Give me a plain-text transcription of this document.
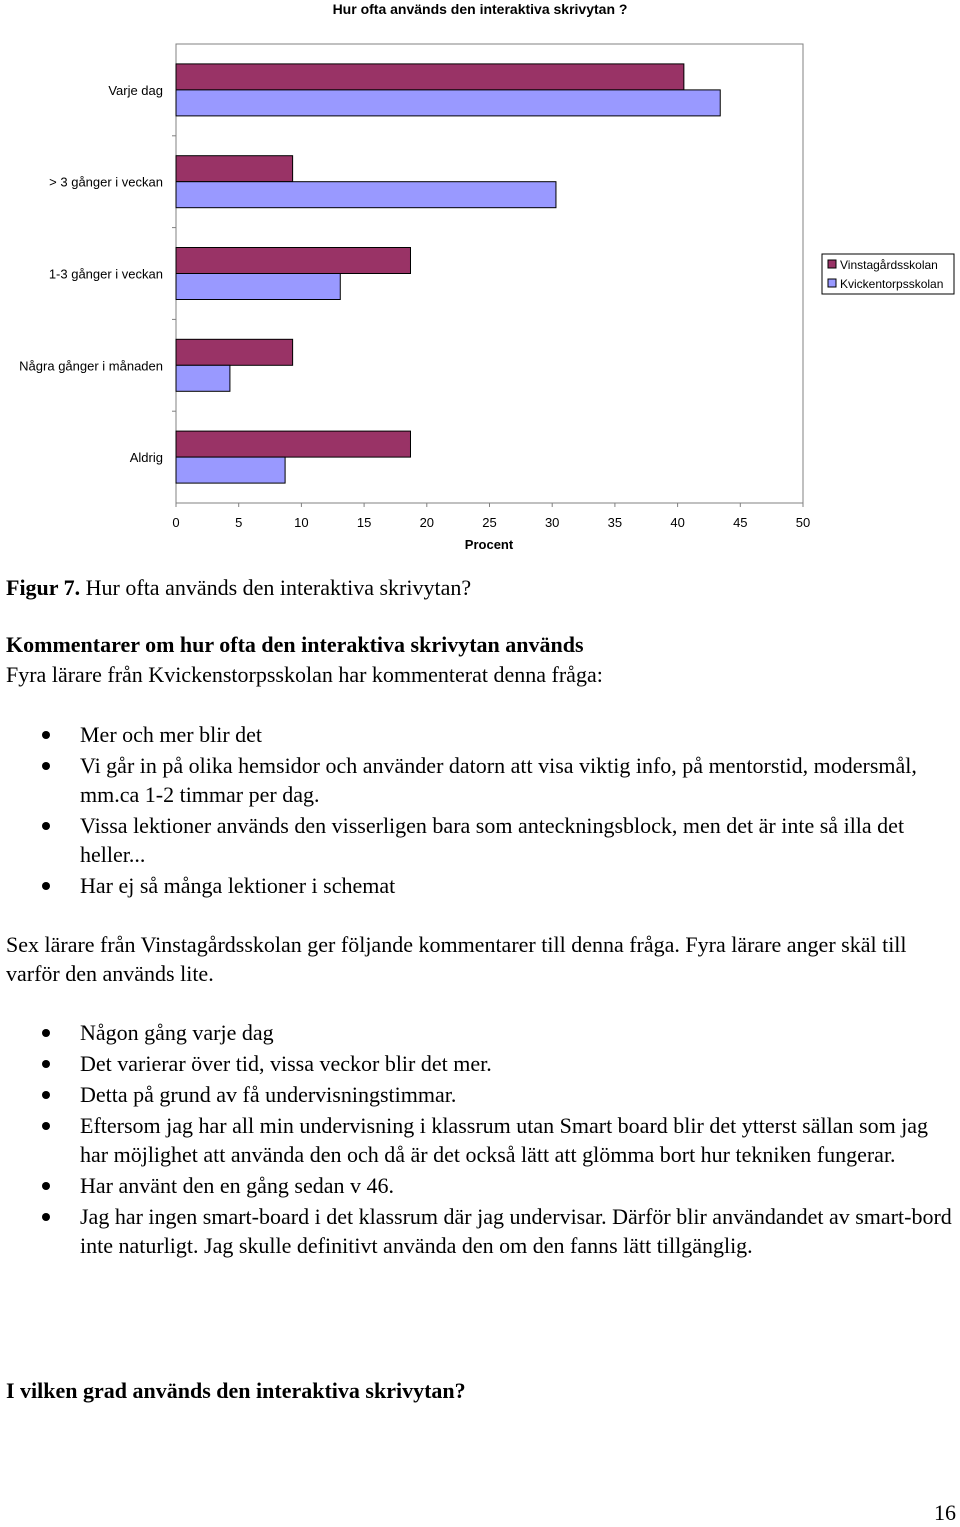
Hur ofta används den interaktiva skrivytan ?
Varje dag
> 3 gånger i veckan
1-3 gånger i veckan
Några gånger i månaden
Aldrig
0	5	10	15	20	25	30	35	40	45	50
Procent
Vinstagårdsskolan
Kvickentorpsskolan

Figur 7. Hur ofta används den interaktiva skrivytan?

Kommentarer om hur ofta den interaktiva skrivytan används

Fyra lärare från Kvickenstorpsskolan har kommenterat denna fråga:

Mer och mer blir det
Vi går in på olika hemsidor och använder datorn att visa viktig info, på mentorstid, modersmål, mm.ca 1-2 timmar per dag.
Vissa lektioner används den visserligen bara som anteckningsblock, men det är inte så illa det heller...
Har ej så många lektioner i schemat

Sex lärare från Vinstagårdsskolan ger följande kommentarer till denna fråga. Fyra lärare anger skäl till varför den används lite.

Någon gång varje dag
Det varierar över tid, vissa veckor blir det mer.
Detta på grund av få undervisningstimmar.
Eftersom jag har all min undervisning i klassrum utan Smart board blir det ytterst sällan som jag har möjlighet att använda den och då är det också lätt att glömma bort hur tekniken fungerar.
Har använt den en gång sedan v 46.
Jag har ingen smart-board i det klassrum där jag undervisar. Därför blir användandet av smart-bord inte naturligt. Jag skulle definitivt använda den om den fanns lätt tillgänglig.
I vilken grad används den interaktiva skrivytan?

16
